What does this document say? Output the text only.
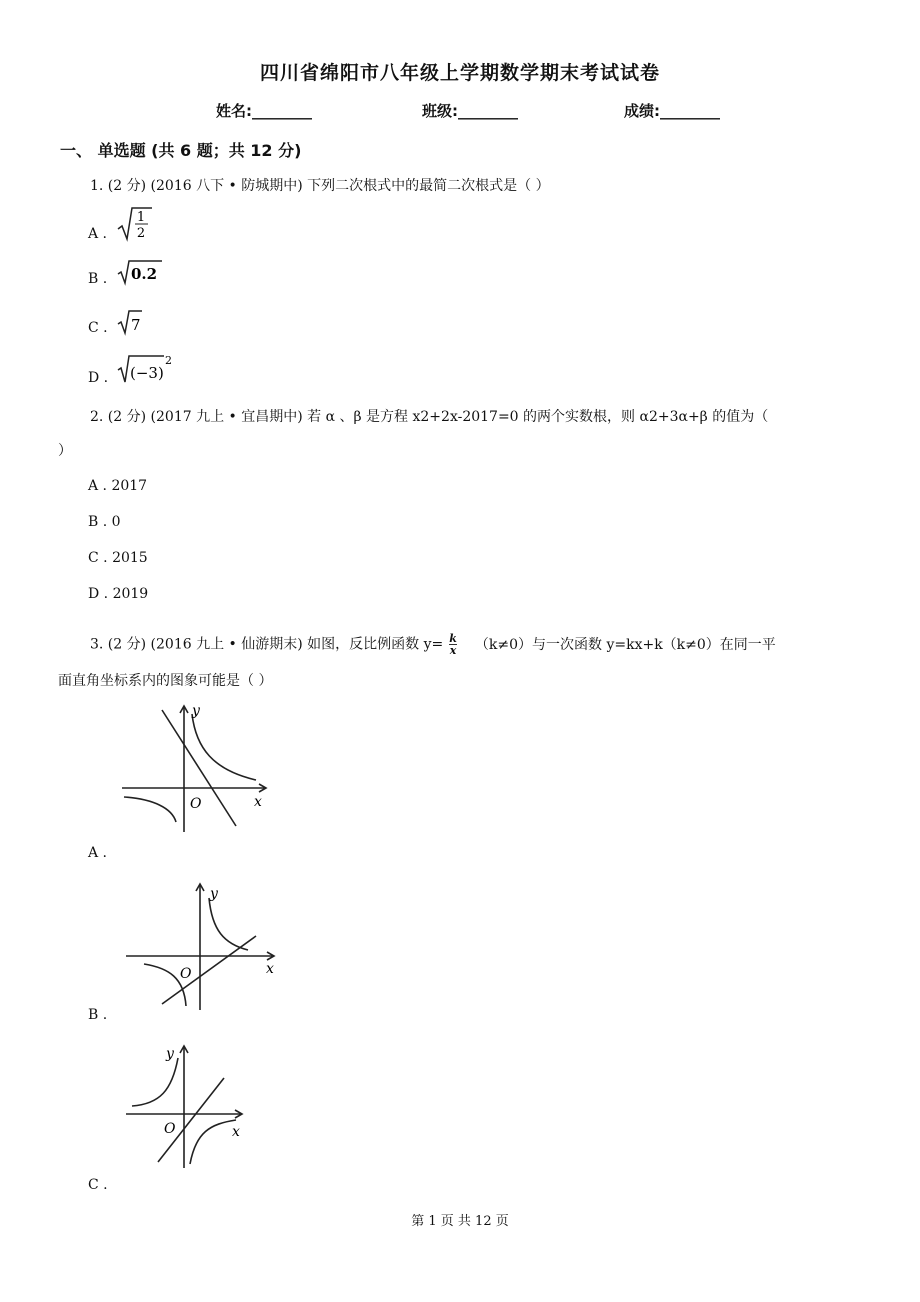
四川省绵阳市八年级上学期数学期末考试试卷
姓名:________	班级:________	成绩:________
一、 单选题 (共 6 题；共 12 分)
1. (2 分) (2016 八下 • 防城期中) 下列二次根式中的最简二次根式是（ ）
A .
1
2
B . 0.2
C . 7
D . (−3)
2
2. (2 分) (2017 九上 • 宜昌期中) 若 α 、β 是方程 x2+2x-2017=0 的两个实数根，则 α2+3α+β 的值为（
）
A . 2017
B . 0
C . 2015
D . 2019
3. (2 分) (2016 九上 • 仙游期末) 如图，反比例函数 $y= \frac{k}{x} (k\ne 0)$与一次函数 y=kx+k（k≠0）在同一平
面直角坐标系内的图象可能是（ ）
O	x
y
A .
O	x
y
B .
O	x
y
C .
第 1 页 共 12 页
